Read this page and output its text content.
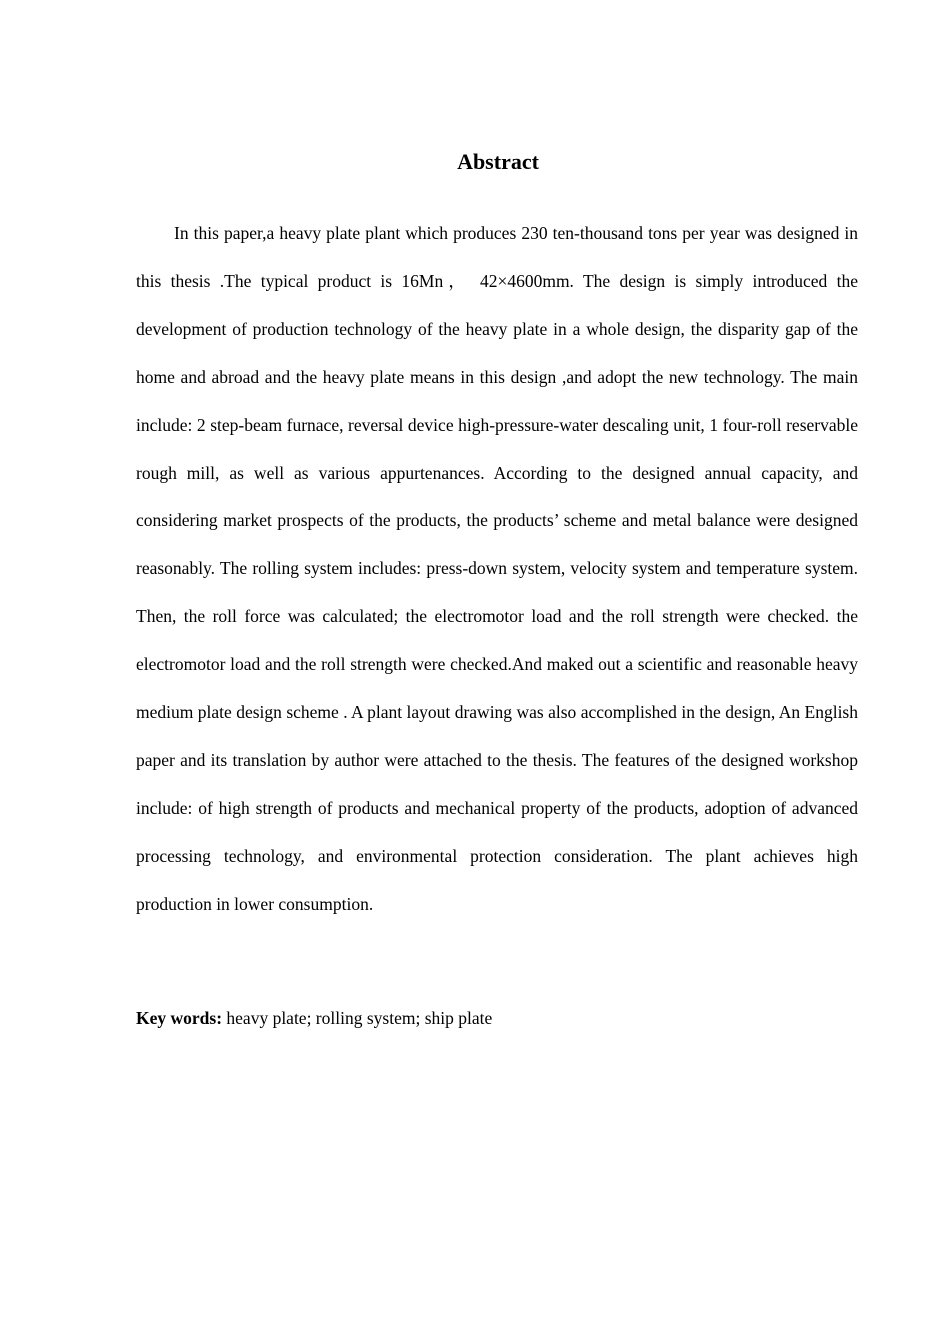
Abstract

In this paper,a heavy plate plant which produces 230 ten-thousand tons per year was designed in this thesis .The typical product is 16Mn， 42×4600mm. The design is simply introduced the development of production technology of the heavy plate in a whole design, the disparity gap of the home and abroad and the heavy plate means in this design ,and adopt the new technology. The main include: 2 step-beam furnace, reversal device high-pressure-water descaling unit, 1 four-roll reservable rough mill, as well as various appurtenances. According to the designed annual capacity, and considering market prospects of the products, the products’ scheme and metal balance were designed reasonably. The rolling system includes: press-down system, velocity system and temperature system. Then, the roll force was calculated; the electromotor load and the roll strength were checked. the electromotor load and the roll strength were checked.And maked out a scientific and reasonable heavy medium plate design scheme . A plant layout drawing was also accomplished in the design, An English paper and its translation by author were attached to the thesis. The features of the designed workshop include: of high strength of products and mechanical property of the products, adoption of advanced processing technology, and environmental protection consideration. The plant achieves high production in lower consumption.

Key words: heavy plate; rolling system; ship plate
